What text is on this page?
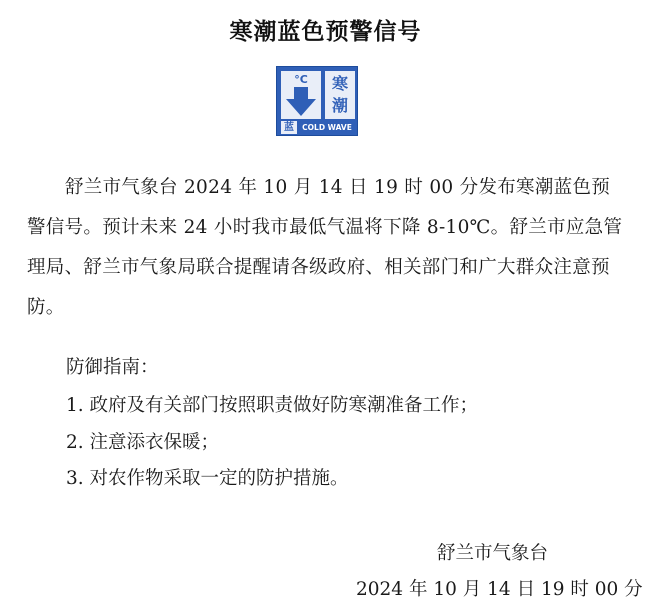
寒潮蓝色预警信号
°C	寒
潮
蓝	COLD WAVE

舒兰市气象台 2024 年 10 月 14 日 19 时 00 分发布寒潮蓝色预警信号。预计未来 24 小时我市最低气温将下降 8-10℃。舒兰市应急管理局、舒兰市气象局联合提醒请各级政府、相关部门和广大群众注意预防。

防御指南：
1. 政府及有关部门按照职责做好防寒潮准备工作；
2. 注意添衣保暖；
3. 对农作物采取一定的防护措施。
舒兰市气象台
2024 年 10 月 14 日 19 时 00 分
